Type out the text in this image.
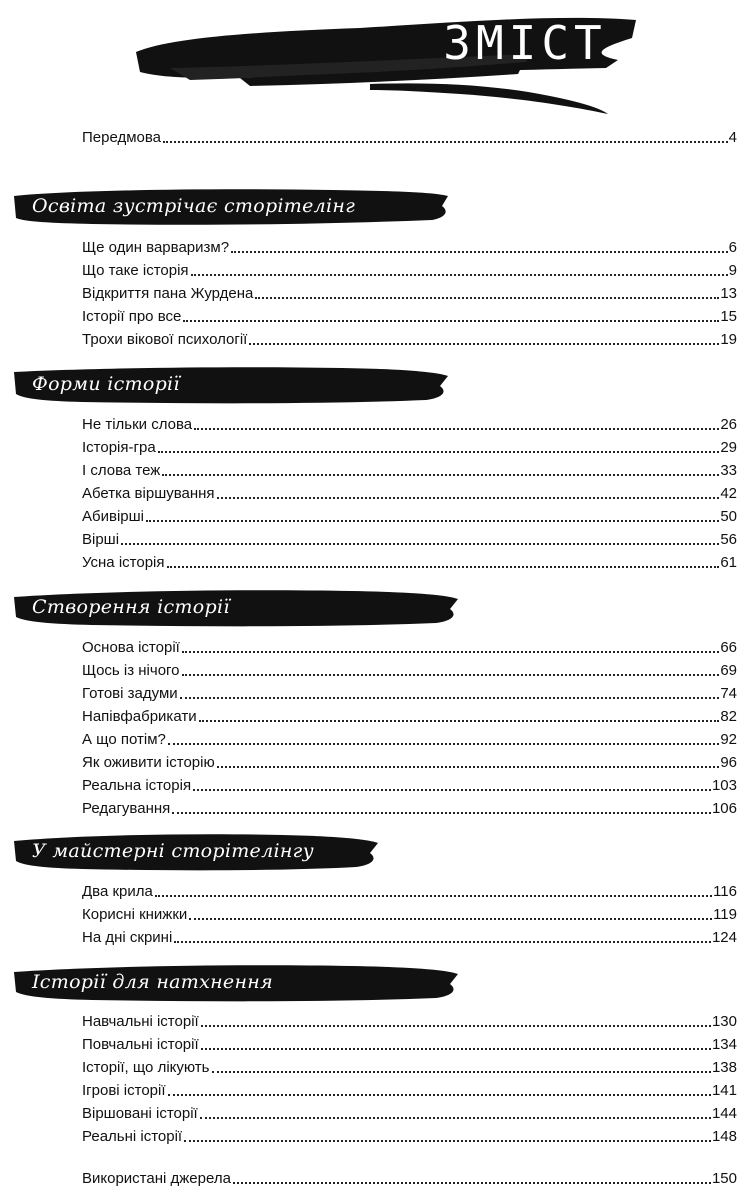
ЗМІСТ
Передмова	4
Освіта зустрічає сторітелінг
Ще один варваризм?	6
Що таке історія	9
Відкриття пана Журдена	13
Історії про все	15
Трохи вікової психології	19
Форми історії
Не тільки слова	26
Історія-гра	29
І слова теж	33
Абетка віршування	42
Абивірші	50
Вірші	56
Усна історія	61
Створення історії
Основа історії	66
Щось із нічого	69
Готові задуми	74
Напівфабрикати	82
А що потім?	92
Як оживити історію	96
Реальна історія	103
Редагування	106
У майстерні сторітелінгу
Два крила	116
Корисні книжки	119
На дні скрині	124
Історії для натхнення
Навчальні історії	130
Повчальні історії	134
Історії, що лікують	138
Ігрові історії	141
Віршовані історії	144
Реальні історії	148
Використані джерела	150
